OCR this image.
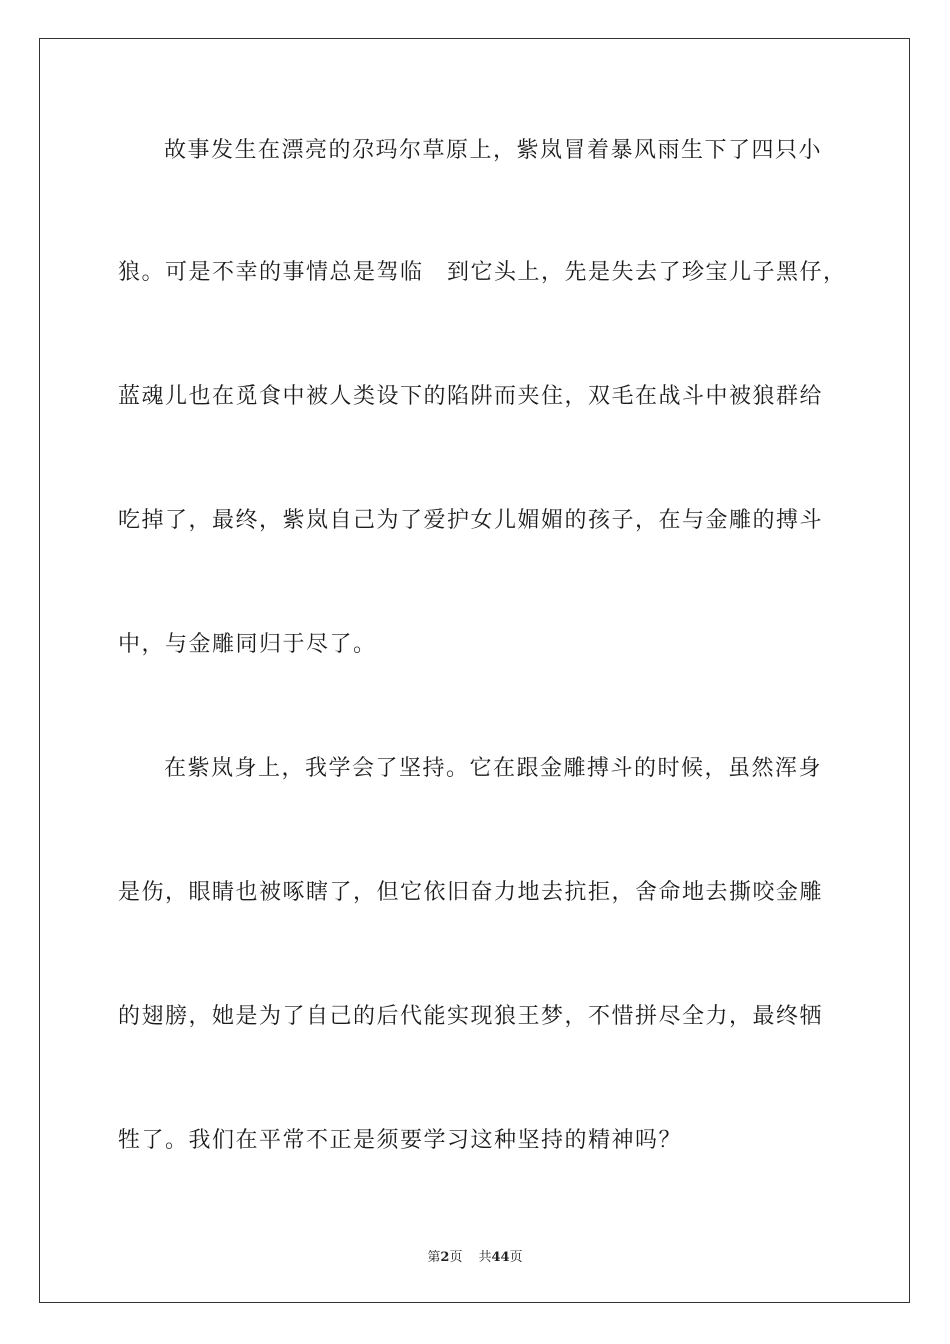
故事发生在漂亮的尕玛尔草原上，紫岚冒着暴风雨生下了四只小
狼。可是不幸的事情总是驾临　到它头上，先是失去了珍宝儿子黑仔，
蓝魂儿也在觅食中被人类设下的陷阱而夹住，双毛在战斗中被狼群给
吃掉了，最终，紫岚自己为了爱护女儿媚媚的孩子，在与金雕的搏斗
中，与金雕同归于尽了。
在紫岚身上，我学会了坚持。它在跟金雕搏斗的时候，虽然浑身
是伤，眼睛也被啄瞎了，但它依旧奋力地去抗拒，舍命地去撕咬金雕
的翅膀，她是为了自己的后代能实现狼王梦，不惜拼尽全力，最终牺
牲了。我们在平常不正是须要学习这种坚持的精神吗？
第2页 共44页
